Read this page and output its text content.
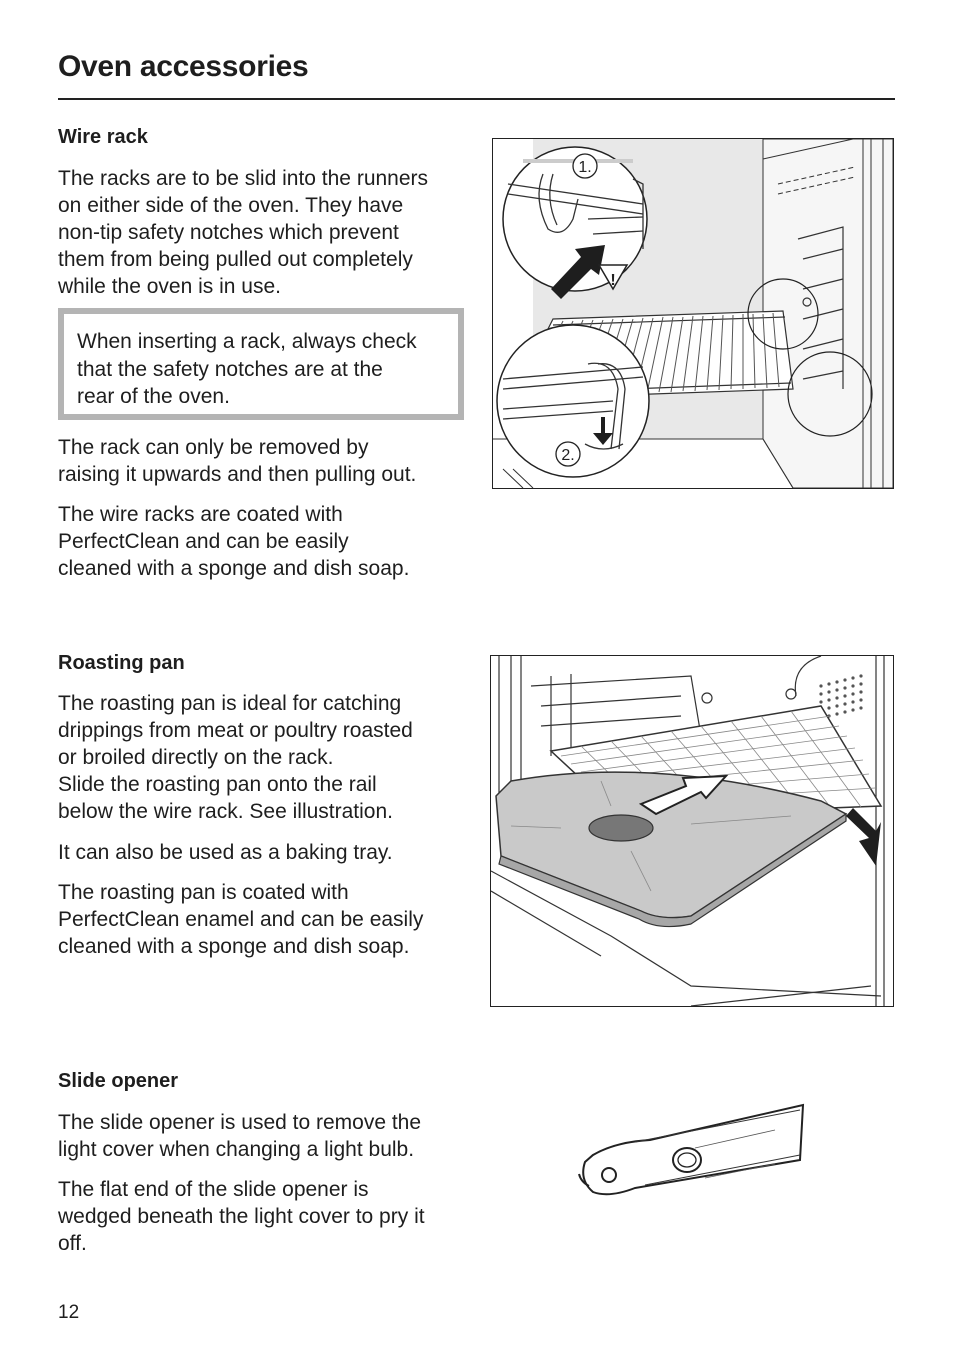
Oven accessories
Wire rack

The racks are to be slid into the runners
on either side of the oven. They have
non-tip safety notches which prevent
them from being pulled out completely
while the oven is in use.

When inserting a rack, always check
that the safety notches are at the
rear of the oven.

The rack can only be removed by
raising it upwards and then pulling out.

The wire racks are coated with
PerfectClean and can be easily
cleaned with a sponge and dish soap.

!
1.
2.
Roasting pan

The roasting pan is ideal for catching
drippings from meat or poultry roasted
or broiled directly on the rack.
Slide the roasting pan onto the rail
below the wire rack. See illustration.

It can also be used as a baking tray.

The roasting pan is coated with
PerfectClean enamel and can be easily
cleaned with a sponge and dish soap.

Slide opener

The slide opener is used to remove the
light cover when changing a light bulb.

The flat end of the slide opener is
wedged beneath the light cover to pry it
off.

12
